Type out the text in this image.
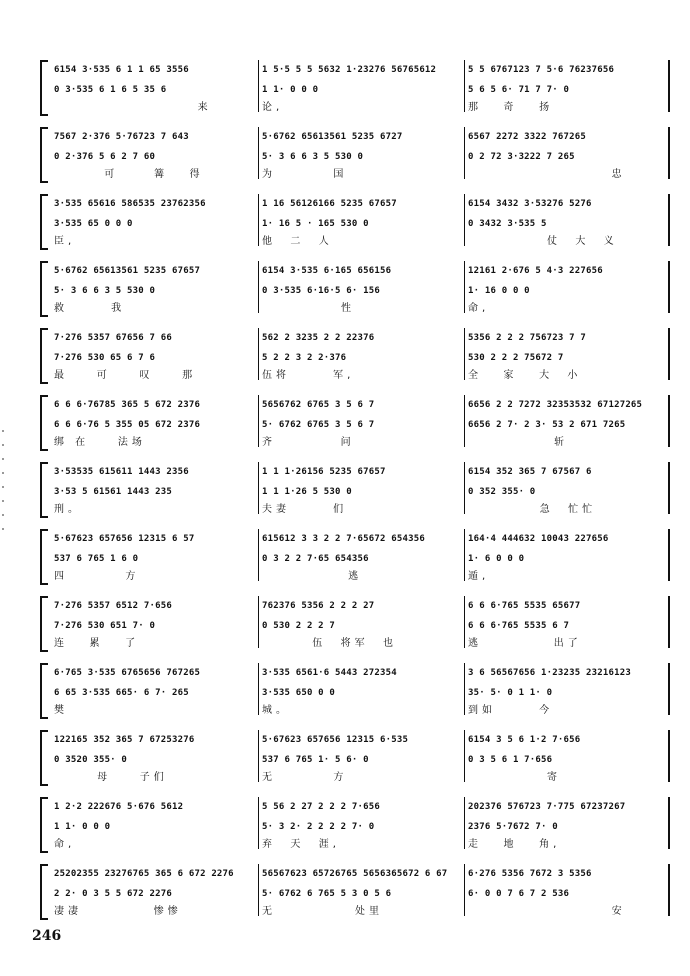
6154 3·535 6 1 1 65 3556
0 3·535 6 1 6 5 35 6
来
1 5·5 5 5 5632 1·23276 56765612
1 1· 0 0 0
论,
5 5 6767123 7 5·6 76237656
5 6 5 6· 71 7 7· 0
那   奇   扬
7567 2·376 5·76723 7 643
0 2·376 5 6 2 7 60
可     篝   得
5·6762 65613561 5235 6727
5· 3 6 6 3 5 530 0
为        国
6567 2272 3322 767265
0 2 72 3·3222 7 265
忠
3·535 65616 586535 23762356
3·535 65 0 0 0
臣,
1 16 56126166 5235 67657
1· 16 5 · 165 530 0
他  二  人
6154 3432 3·53276 5276
0 3432 3·535 5
仗  大  义
5·6762 65613561 5235 67657
5· 3 6 6 3 5 530 0
救      我
6154 3·535 6·165 656156
0 3·535 6·16·5 6· 156
性
12161 2·676 5 4·3 227656
1· 16 0 0 0
命,
7·276 5357 67656 7 66
7·276 530 65 6 7 6
最    可    叹    那
562 2 3235 2 2 22376
5 2 2 3 2 2·376
伍将      军,
5356 2 2 2 756723 7 7
530 2 2 2 75672 7
全   家   大  小
6 6 6·76785 365 5 672 2376
6 6 6·76 5 355 05 672 2376
绑 在    法场
5656762 6765 3 5 6 7
5· 6762 6765 3 5 6 7
齐         问
6656 2 2 7272 32353532 67127265
6656 2 7· 2 3· 53 2 671 7265
斩
3·53535 615611 1443 2356
3·53 5 61561 1443 235
刑。
1 1 1·26156 5235 67657
1 1 1·26 5 530 0
夫妻      们
6154 352 365 7 67567 6
0 352 355· 0
急  忙忙
5·67623 657656 12315 6 57
537 6 765 1 6 0
四        方
615612 3 3 2 2 7·65672 654356
0 3 2 2 7·65 654356
逃
164·4 444632 10043 227656
1· 6 0 0 0
遁,
7·276 5357 6512 7·656
7·276 530 651 7· 0
连   累   了
762376 5356 2 2 2 27
0 530 2 2 2 7
伍  将军  也
6 6 6·765 5535 65677
6 6 6·765 5535 6 7
逃          出了
6·765 3·535 6765656 767265
6 65 3·535 665· 6 7· 265
樊
3·535 6561·6 5443 272354
3·535 650 0 0
城。
3 6 56567656 1·23235 23216123
35· 5· 0 1 1· 0
到如      今
122165 352 365 7 67253276
0 3520 355· 0
母    子们
5·67623 657656 12315 6·535
537 6 765 1· 5 6· 0
无        方
6154 3 5 6 1·2 7·656
0 3 5 6 1 7·656
寄
1 2·2 222676 5·676 5612
1 1· 0 0 0
命,
5 56 2 27 2 2 2 7·656
5· 3 2· 2 2 2 2 7· 0
弃  天  涯,
202376 576723 7·775 67237267
2376 5·7672 7· 0
走   地   角,
25202355 23276765 365 6 672 2276
2 2· 0 3 5 5 672 2276
凄凄          惨惨
56567623 65726765 5656365672 6 67
5· 6762 6 765 5 3 0 5 6
无           处里
6·276 5356 7672 3 5356
6· 0 0 7 6 7 2 536
安
246
